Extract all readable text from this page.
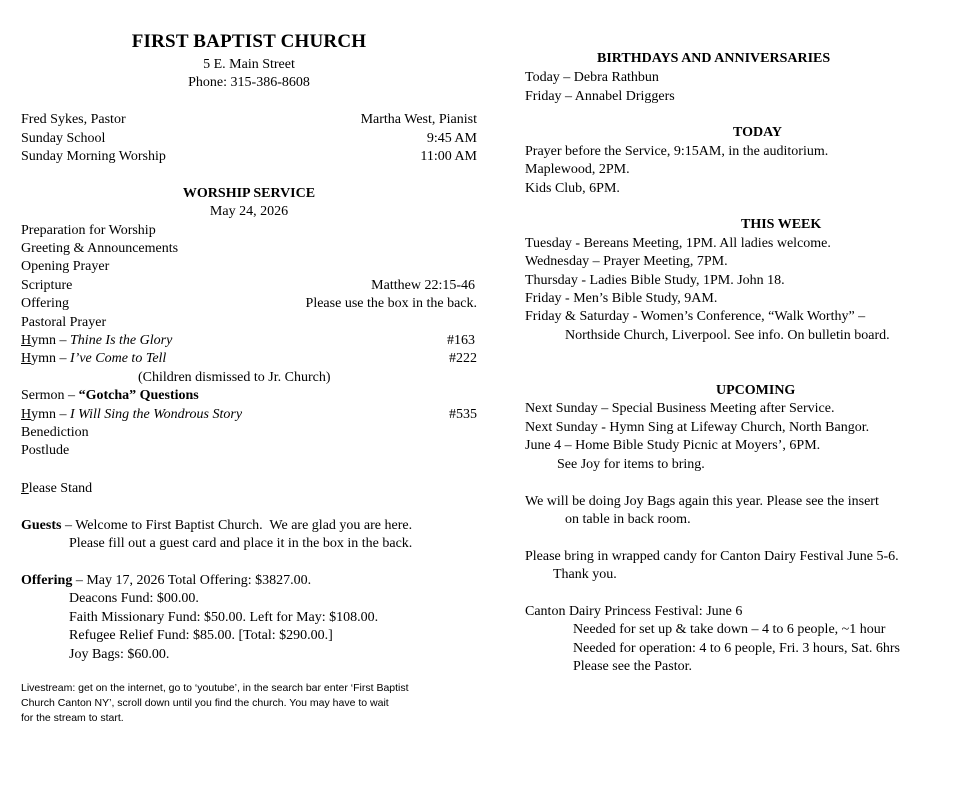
FIRST BAPTIST CHURCH
5 E. Main Street
Phone: 315-386-8608
Fred Sykes, Pastor	Martha West, Pianist
Sunday School	9:45 AM
Sunday Morning Worship	11:00 AM
WORSHIP SERVICE
May 24, 2026
Preparation for Worship
Greeting & Announcements
Opening Prayer
Scripture	Matthew 22:15-46
Offering	Please use the box in the back.
Pastoral Prayer
Hymn – Thine Is the Glory	#163
Hymn – I’ve Come to Tell	#222
(Children dismissed to Jr. Church)
Sermon – “Gotcha” Questions
Hymn – I Will Sing the Wondrous Story	#535
Benediction
Postlude
Please Stand
Guests – Welcome to First Baptist Church.  We are glad you are here.
Please fill out a guest card and place it in the box in the back.
Offering – May 17, 2026 Total Offering: $3827.00.
Deacons Fund: $00.00.
Faith Missionary Fund: $50.00. Left for May: $108.00.
Refugee Relief Fund: $85.00. [Total: $290.00.]
Joy Bags: $60.00.
Livestream: get on the internet, go to ‘youtube’, in the search bar enter ‘First Baptist
Church Canton NY’, scroll down until you find the church. You may have to wait
for the stream to start.
BIRTHDAYS AND ANNIVERSARIES
Today – Debra Rathbun
Friday – Annabel Driggers
TODAY
Prayer before the Service, 9:15AM, in the auditorium.
Maplewood, 2PM.
Kids Club, 6PM.
THIS WEEK
Tuesday - Bereans Meeting, 1PM. All ladies welcome.
Wednesday – Prayer Meeting, 7PM.
Thursday - Ladies Bible Study, 1PM. John 18.
Friday - Men’s Bible Study, 9AM.
Friday & Saturday - Women’s Conference, “Walk Worthy” –
Northside Church, Liverpool. See info. On bulletin board.
UPCOMING
Next Sunday – Special Business Meeting after Service.
Next Sunday - Hymn Sing at Lifeway Church, North Bangor.
June 4 – Home Bible Study Picnic at Moyers’, 6PM.
See Joy for items to bring.
We will be doing Joy Bags again this year. Please see the insert
on table in back room.
Please bring in wrapped candy for Canton Dairy Festival June 5-6.
Thank you.
Canton Dairy Princess Festival: June 6
Needed for set up & take down – 4 to 6 people, ~1 hour
Needed for operation: 4 to 6 people, Fri. 3 hours, Sat. 6hrs
Please see the Pastor.
